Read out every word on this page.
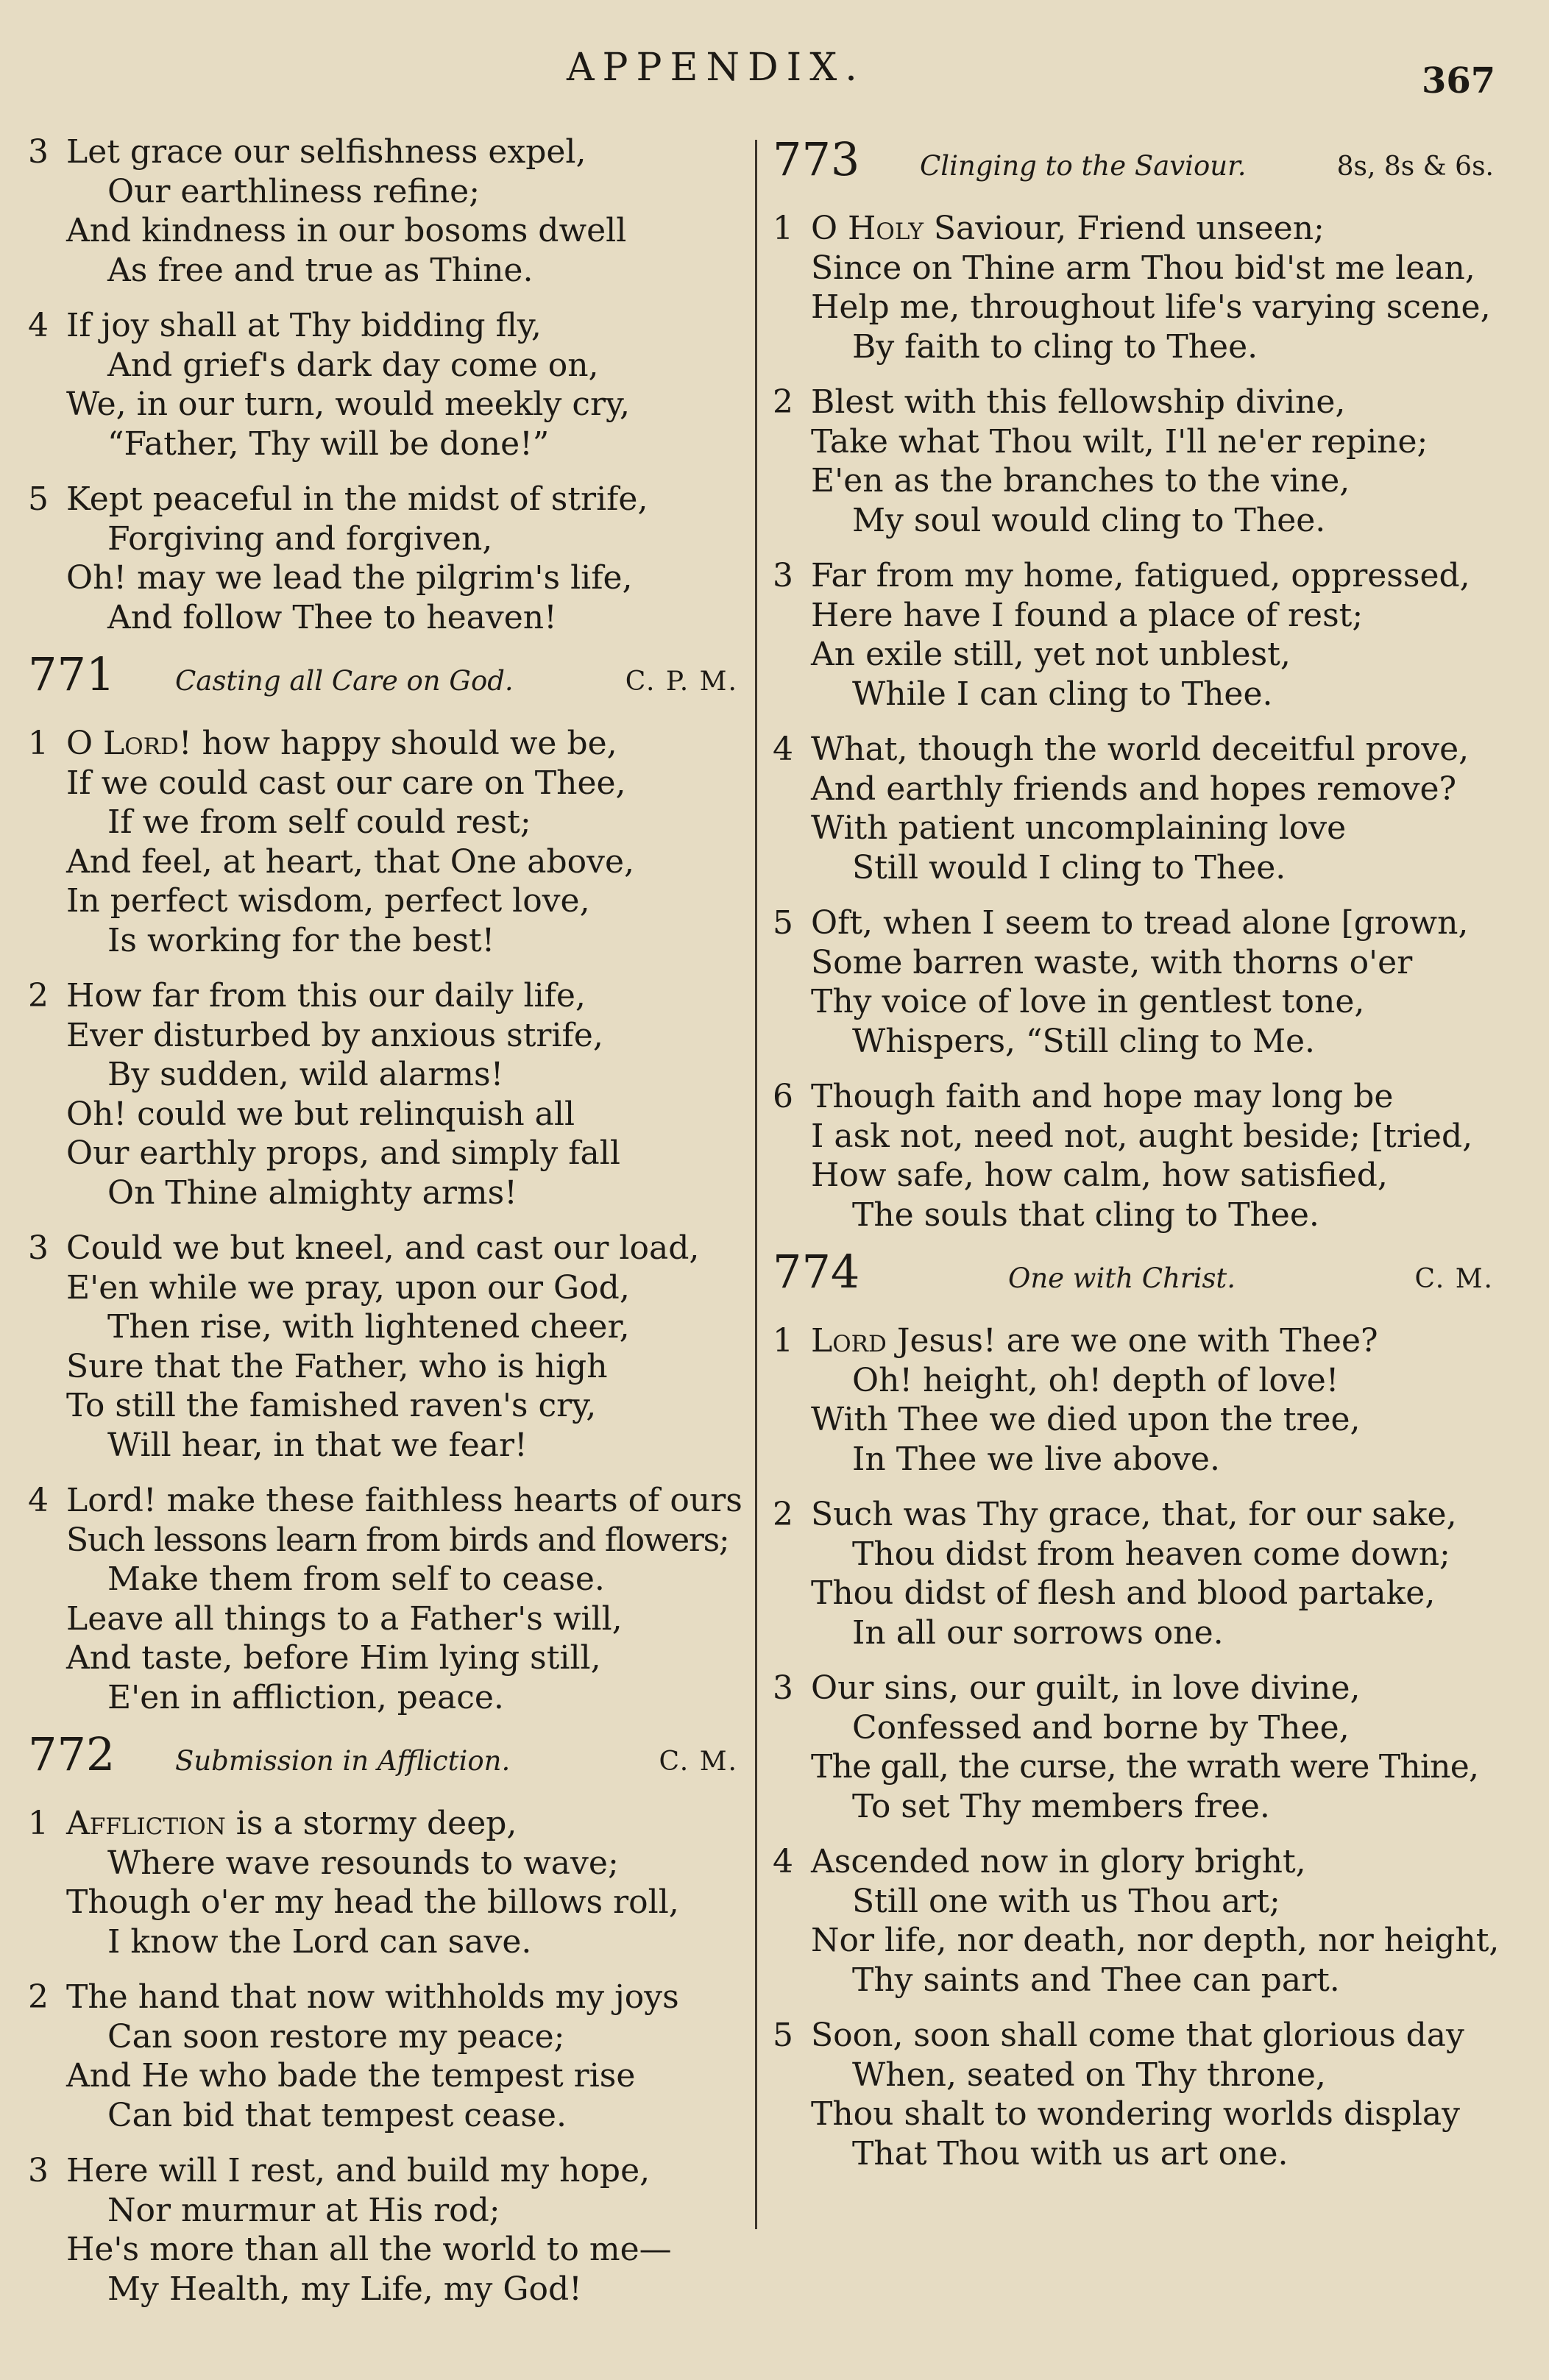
APPENDIX.	367
3 Let grace our selfishness expel,
Our earthliness refine;
And kindness in our bosoms dwell
As free and true as Thine.
4 If joy shall at Thy bidding fly,
And grief's dark day come on,
We, in our turn, would meekly cry,
“Father, Thy will be done!”
5 Kept peaceful in the midst of strife,
Forgiving and forgiven,
Oh! may we lead the pilgrim's life,
And follow Thee to heaven!
771	Casting all Care on God.	C. P. M.
1 O Lord! how happy should we be,
If we could cast our care on Thee,
If we from self could rest;
And feel, at heart, that One above,
In perfect wisdom, perfect love,
Is working for the best!
2 How far from this our daily life,
Ever disturbed by anxious strife,
By sudden, wild alarms!
Oh! could we but relinquish all
Our earthly props, and simply fall
On Thine almighty arms!
3 Could we but kneel, and cast our load,
E'en while we pray, upon our God,
Then rise, with lightened cheer,
Sure that the Father, who is high
To still the famished raven's cry,
Will hear, in that we fear!
4 Lord! make these faithless hearts of ours
Such lessons learn from birds and flowers;
Make them from self to cease.
Leave all things to a Father's will,
And taste, before Him lying still,
E'en in affliction, peace.
772	Submission in Affliction.	C. M.
1 Affliction is a stormy deep,
Where wave resounds to wave;
Though o'er my head the billows roll,
I know the Lord can save.
2 The hand that now withholds my joys
Can soon restore my peace;
And He who bade the tempest rise
Can bid that tempest cease.
3 Here will I rest, and build my hope,
Nor murmur at His rod;
He's more than all the world to me—
My Health, my Life, my God!
773	Clinging to the Saviour.	8s, 8s & 6s.
1 O Holy Saviour, Friend unseen;
Since on Thine arm Thou bid'st me lean,
Help me, throughout life's varying scene,
By faith to cling to Thee.
2 Blest with this fellowship divine,
Take what Thou wilt, I'll ne'er repine;
E'en as the branches to the vine,
My soul would cling to Thee.
3 Far from my home, fatigued, oppressed,
Here have I found a place of rest;
An exile still, yet not unblest,
While I can cling to Thee.
4 What, though the world deceitful prove,
And earthly friends and hopes remove?
With patient uncomplaining love
Still would I cling to Thee.
5 Oft, when I seem to tread alone [grown,
Some barren waste, with thorns o'er
Thy voice of love in gentlest tone,
Whispers, “Still cling to Me.
6 Though faith and hope may long be
I ask not, need not, aught beside; [tried,
How safe, how calm, how satisfied,
The souls that cling to Thee.
774	One with Christ.	C. M.
1 Lord Jesus! are we one with Thee?
Oh! height, oh! depth of love!
With Thee we died upon the tree,
In Thee we live above.
2 Such was Thy grace, that, for our sake,
Thou didst from heaven come down;
Thou didst of flesh and blood partake,
In all our sorrows one.
3 Our sins, our guilt, in love divine,
Confessed and borne by Thee,
The gall, the curse, the wrath were Thine,
To set Thy members free.
4 Ascended now in glory bright,
Still one with us Thou art;
Nor life, nor death, nor depth, nor height,
Thy saints and Thee can part.
5 Soon, soon shall come that glorious day
When, seated on Thy throne,
Thou shalt to wondering worlds display
That Thou with us art one.
